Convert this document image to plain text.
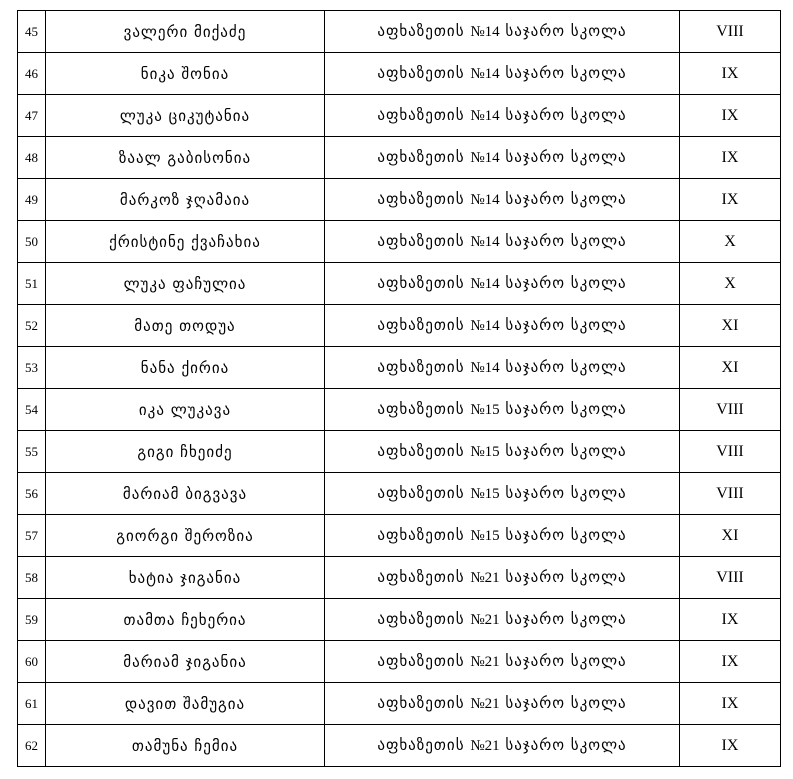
45	ვალერი მიქაძე	აფხაზეთის №14 საჯარო სკოლა	VIII
46	ნიკა შონია	აფხაზეთის №14 საჯარო სკოლა	IX
47	ლუკა ციკუტანია	აფხაზეთის №14 საჯარო სკოლა	IX
48	ზაალ გაბისონია	აფხაზეთის №14 საჯარო სკოლა	IX
49	მარკოზ ჯღამაია	აფხაზეთის №14 საჯარო სკოლა	IX
50	ქრისტინე ქვაჩახია	აფხაზეთის №14 საჯარო სკოლა	X
51	ლუკა ფაჩულია	აფხაზეთის №14 საჯარო სკოლა	X
52	მათე თოდუა	აფხაზეთის №14 საჯარო სკოლა	XI
53	ნანა ქირია	აფხაზეთის №14 საჯარო სკოლა	XI
54	იკა ლუკავა	აფხაზეთის №15 საჯარო სკოლა	VIII
55	გიგი ჩხეიძე	აფხაზეთის №15 საჯარო სკოლა	VIII
56	მარიამ ბიგვავა	აფხაზეთის №15 საჯარო სკოლა	VIII
57	გიორგი შეროზია	აფხაზეთის №15 საჯარო სკოლა	XI
58	ხატია ჯიგანია	აფხაზეთის №21 საჯარო სკოლა	VIII
59	თამთა ჩეხერია	აფხაზეთის №21 საჯარო სკოლა	IX
60	მარიამ ჯიგანია	აფხაზეთის №21 საჯარო სკოლა	IX
61	დავით შამუგია	აფხაზეთის №21 საჯარო სკოლა	IX
62	თამუნა ჩემია	აფხაზეთის №21 საჯარო სკოლა	IX
